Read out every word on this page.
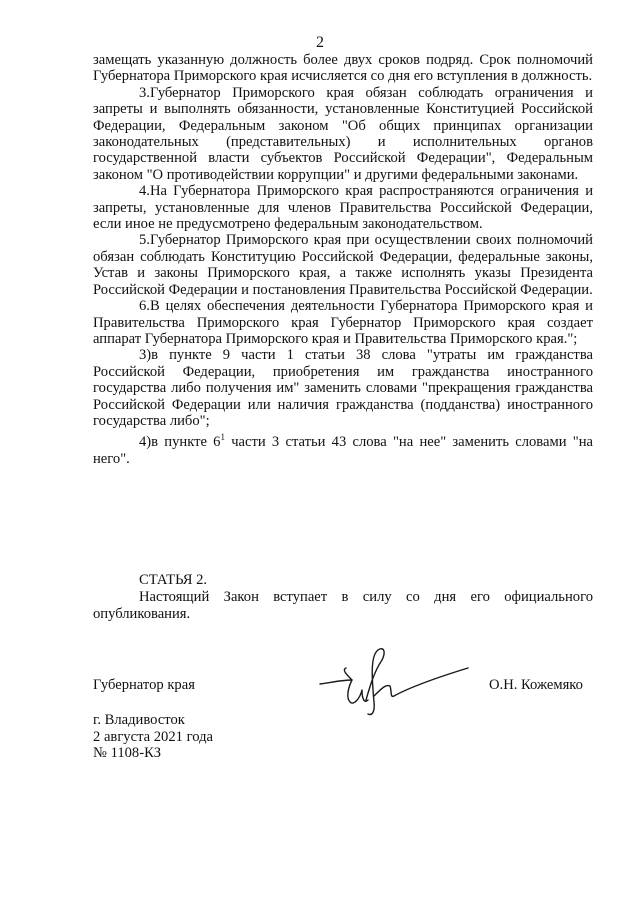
2

замещать указанную должность более двух сроков подряд. Срок полномочий Губернатора Приморского края исчисляется со дня его вступления в должность.

3.Губернатор Приморского края обязан соблюдать ограничения и запреты и выполнять обязанности, установленные Конституцией Российской Федерации, Федеральным законом "Об общих принципах организации законодательных (представительных) и исполнительных органов государственной власти субъектов Российской Федерации", Федеральным законом "О противодействии коррупции" и другими федеральными законами.

4.На Губернатора Приморского края распространяются ограничения и запреты, установленные для членов Правительства Российской Федерации, если иное не предусмотрено федеральным законодательством.

5.Губернатор Приморского края при осуществлении своих полномочий обязан соблюдать Конституцию Российской Федерации, федеральные законы, Устав и законы Приморского края, а также исполнять указы Президента Российской Федерации и постановления Правительства Российской Федерации.

6.В целях обеспечения деятельности Губернатора Приморского края и Правительства Приморского края Губернатор Приморского края создает аппарат Губернатора Приморского края и Правительства Приморского края.";

3)в пункте 9 части 1 статьи 38 слова "утраты им гражданства Российской Федерации, приобретения им гражданства иностранного государства либо получения им" заменить словами "прекращения гражданства Российской Федерации или наличия гражданства (подданства) иностранного государства либо";

4)в пункте $6^1$ части 3 статьи 43 слова "на нее" заменить словами "на него".

СТАТЬЯ 2.

Настоящий Закон вступает в силу со дня его официального опубликования.

Губернатор края	О.Н. Кожемяко
г. Владивосток
2 августа 2021 года
№ 1108-КЗ
